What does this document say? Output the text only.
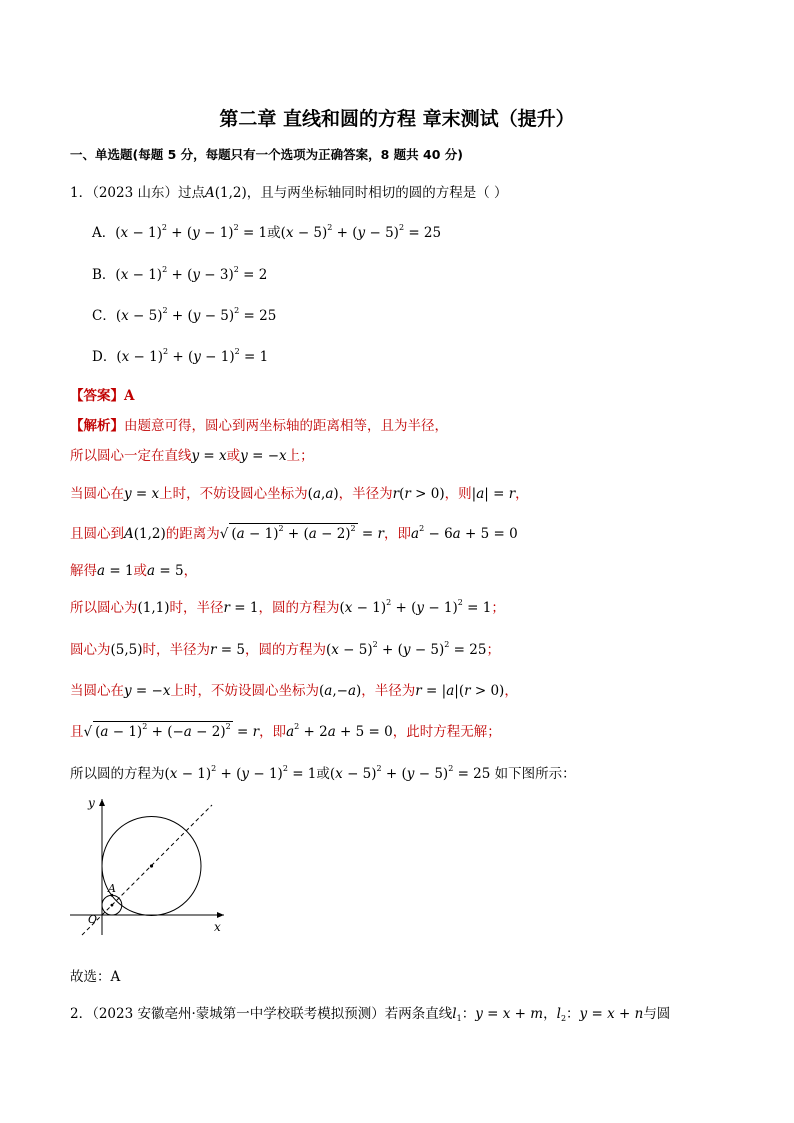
第二章 直线和圆的方程 章末测试（提升）
一、单选题(每题 5 分，每题只有一个选项为正确答案，8 题共 40 分)
1．（2023 山东）过点A(1,2)，且与两坐标轴同时相切的圆的方程是（ ）
A．$(x - 1)^2 + (y - 1)^2 = 1$或$(x - 5)^2 + (y - 5)^2 = 25$
B．$(x - 1)^2 + (y - 3)^2 = 2$
C．$(x - 5)^2 + (y - 5)^2 = 25$
D．$(x - 1)^2 + (y - 1)^2 = 1$
【答案】A
【解析】由题意可得，圆心到两坐标轴的距离相等，且为半径，
所以圆心一定在直线y = x或y = −x上；
当圆心在y = x上时，不妨设圆心坐标为(a,a)，半径为r(r > 0)，则|a| = r，
且圆心到A(1,2)的距离为√ $(a - 1)^2 + (a - 2)^2 = r$，即$a^2 - 6a + 5 = 0$
解得a = 1或a = 5，
所以圆心为(1,1)时，半径r = 1，圆的方程为$(x - 1)^2 + (y - 1)^2 = 1$；
圆心为(5,5)时，半径为r = 5，圆的方程为$(x - 5)^2 + (y - 5)^2 = 25$；
当圆心在y = −x上时，不妨设圆心坐标为(a,−a)，半径为r = |a|(r > 0)，
且√ $(a - 1)^2 + (-a - 2)^2 = r$，即$a^2 + 2a + 5 = 0$，此时方程无解；
所以圆的方程为$(x - 1)^2 + (y - 1)^2 = 1$或$(x - 5)^2 + (y - 5)^2 = 25$ 如下图所示：
A
O
x
y
故选：A
2．（2023 安徽亳州·蒙城第一中学校联考模拟预测）若两条直线$l_1$：y = x + m，$l_2$：y = x + n与圆
